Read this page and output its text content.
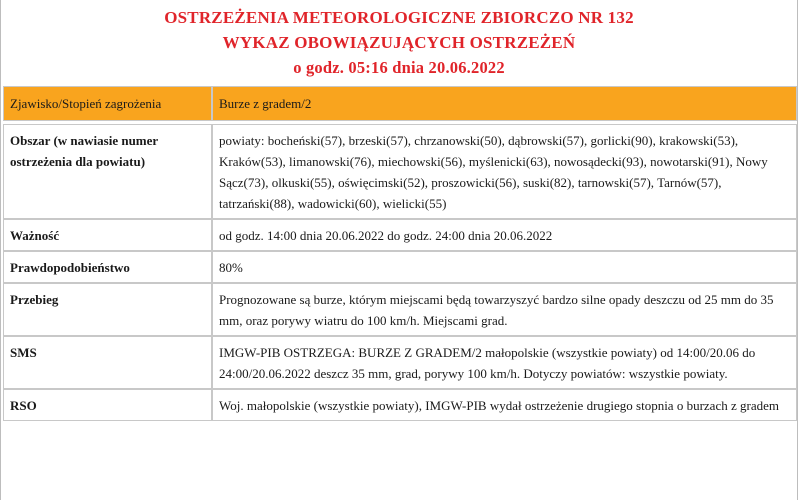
OSTRZEŻENIA METEOROLOGICZNE ZBIORCZO NR 132
WYKAZ OBOWIĄZUJĄCYCH OSTRZEŻEŃ
o godz. 05:16 dnia 20.06.2022
Zjawisko/Stopień zagrożenia	Burze z gradem/2

Obszar (w nawiasie numer ostrzeżenia dla powiatu)	powiaty: bocheński(57), brzeski(57), chrzanowski(50), dąbrowski(57), gorlicki(90), krakowski(53), Kraków(53), limanowski(76), miechowski(56), myślenicki(63), nowosądecki(93), nowotarski(91), Nowy Sącz(73), olkuski(55), oświęcimski(52), proszowicki(56), suski(82), tarnowski(57), Tarnów(57), tatrzański(88), wadowicki(60), wielicki(55)
Ważność	od godz. 14:00 dnia 20.06.2022 do godz. 24:00 dnia 20.06.2022
Prawdopodobieństwo	80%
Przebieg	Prognozowane są burze, którym miejscami będą towarzyszyć bardzo silne opady deszczu od 25 mm do 35 mm, oraz porywy wiatru do 100 km/h. Miejscami grad.
SMS	IMGW-PIB OSTRZEGA: BURZE Z GRADEM/2 małopolskie (wszystkie powiaty) od 14:00/20.06 do 24:00/20.06.2022 deszcz 35 mm, grad, porywy 100 km/h. Dotyczy powiatów: wszystkie powiaty.
RSO	Woj. małopolskie (wszystkie powiaty), IMGW-PIB wydał ostrzeżenie drugiego stopnia o burzach z gradem
